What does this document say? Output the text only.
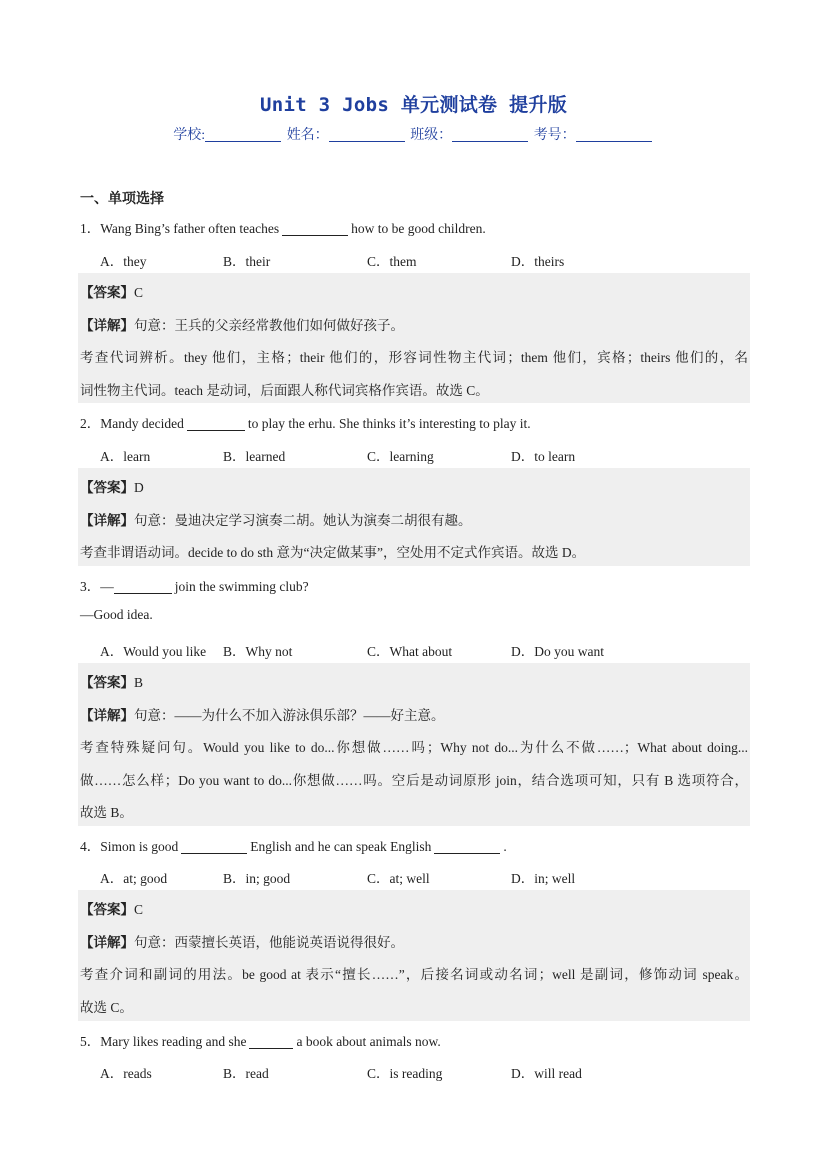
Unit 3 Jobs 单元测试卷 提升版
学校:	姓名：	班级：	考号：
一、单项选择
1．Wang Bing’s father often teaches	how to be good children.
A．they	B．their	C．them	D．theirs
【答案】C
【详解】句意：王兵的父亲经常教他们如何做好孩子。
考查代词辨析。they 他们，主格；their 他们的，形容词性物主代词；them 他们，宾格；theirs 他们的，名
词性物主代词。teach 是动词，后面跟人称代词宾格作宾语。故选 C。
2．Mandy decided	to play the erhu. She thinks it’s interesting to play it.
A．learn	B．learned	C．learning	D．to learn
【答案】D
【详解】句意：曼迪决定学习演奏二胡。她认为演奏二胡很有趣。
考查非谓语动词。decide to do sth 意为“决定做某事”，空处用不定式作宾语。故选 D。
3．—	join the swimming club?
—Good idea.
A．Would you like B．Why not	C．What about	D．Do you want
【答案】B
【详解】句意：——为什么不加入游泳俱乐部？——好主意。
考查特殊疑问句。Would you like to do...你想做……吗；Why not do...为什么不做……；What about doing...
做……怎么样；Do you want to do...你想做……吗。空后是动词原形 join，结合选项可知，只有 B 选项符合，
故选 B。
4．Simon is good	English and he can speak English	.
A．at; good	B．in; good	C．at; well	D．in; well
【答案】C
【详解】句意：西蒙擅长英语，他能说英语说得很好。
考查介词和副词的用法。be good at 表示“擅长……”，后接名词或动名词；well 是副词，修饰动词 speak。
故选 C。
5．Mary likes reading and she	a book about animals now.
A．reads	B．read	C．is reading	D．will read
